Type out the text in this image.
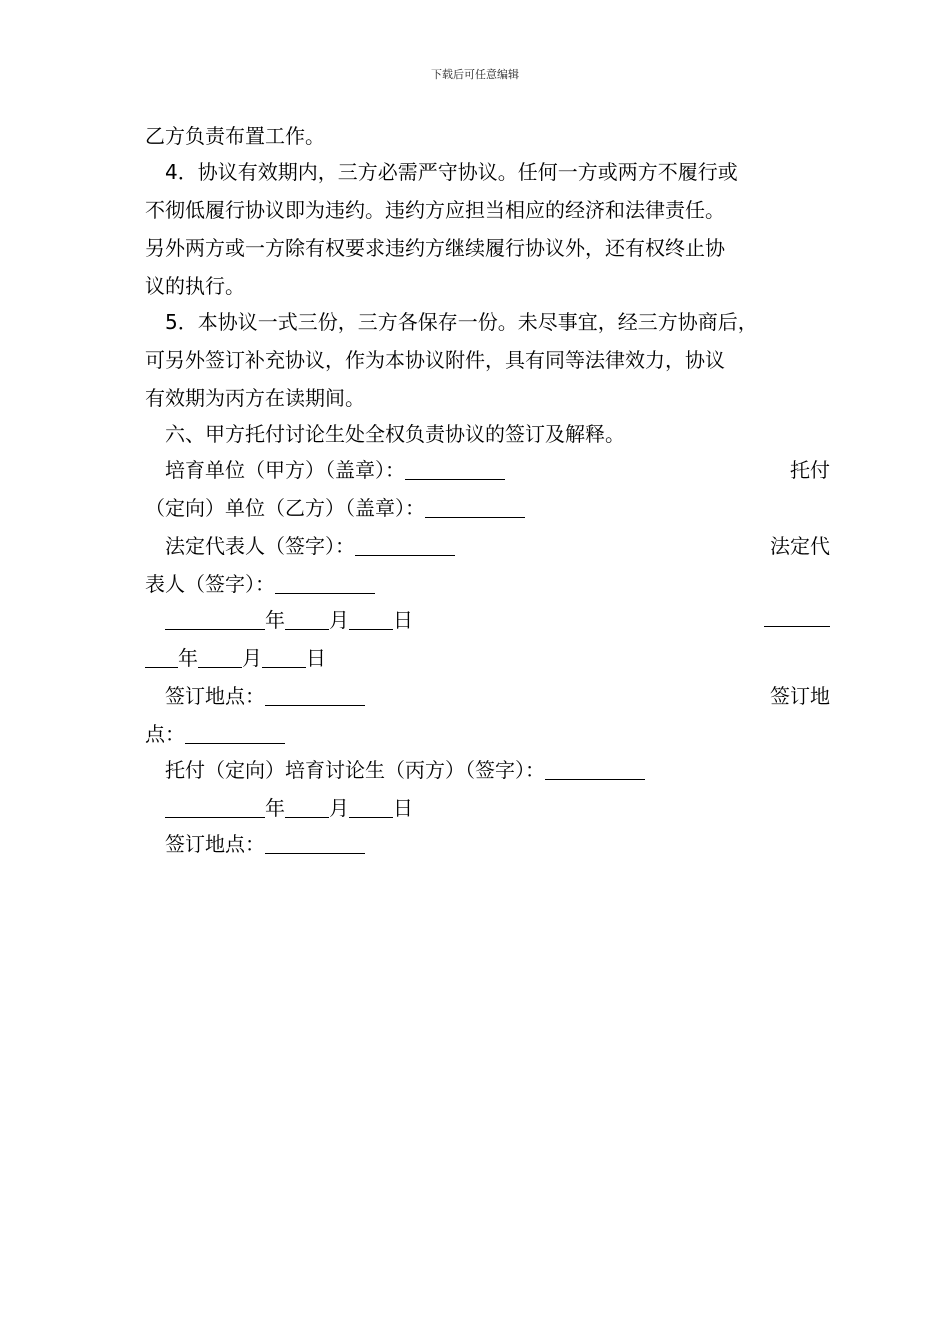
下载后可任意编辑
乙方负责布置工作。
4．协议有效期内，三方必需严守协议。任何一方或两方不履行或
不彻低履行协议即为违约。违约方应担当相应的经济和法律责任。
另外两方或一方除有权要求违约方继续履行协议外，还有权终止协
议的执行。
5．本协议一式三份，三方各保存一份。未尽事宜，经三方协商后，
可另外签订补充协议，作为本协议附件，具有同等法律效力，协议
有效期为丙方在读期间。
六、甲方托付讨论生处全权负责协议的签订及解释。
培育单位（甲方）（盖章）：	托付
（定向）单位（乙方）（盖章）：
法定代表人（签字）：	法定代
表人（签字）：
年 月 日
年 月 日
签订地点：	签订地
点：
托付（定向）培育讨论生（丙方）（签字）：
年 月 日
签订地点：
